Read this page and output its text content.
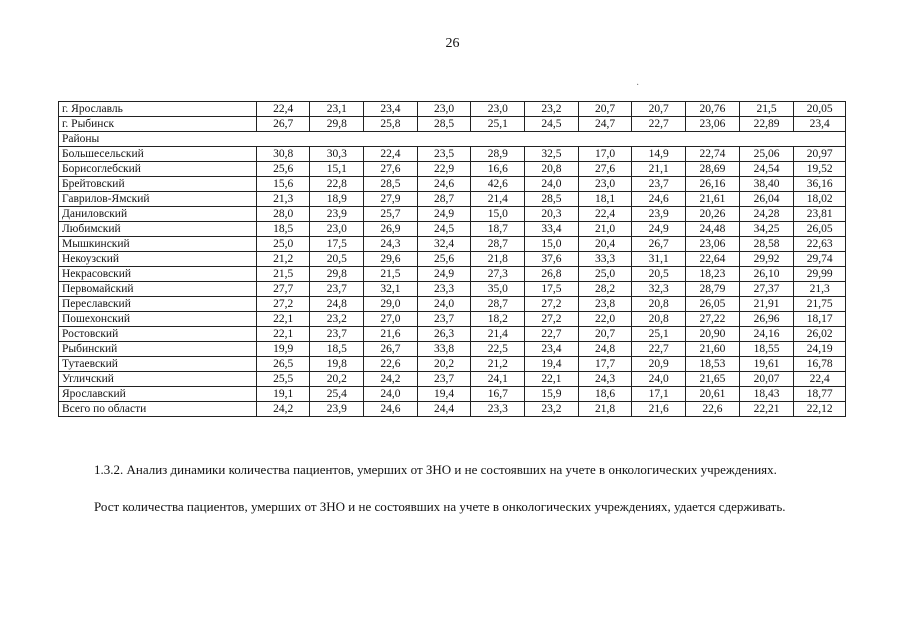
26
·
г. Ярославль	22,4	23,1	23,4	23,0	23,0	23,2	20,7	20,7	20,76	21,5	20,05
г. Рыбинск	26,7	29,8	25,8	28,5	25,1	24,5	24,7	22,7	23,06	22,89	23,4
Районы											
Большесельский	30,8	30,3	22,4	23,5	28,9	32,5	17,0	14,9	22,74	25,06	20,97
Борисоглебский	25,6	15,1	27,6	22,9	16,6	20,8	27,6	21,1	28,69	24,54	19,52
Брейтовский	15,6	22,8	28,5	24,6	42,6	24,0	23,0	23,7	26,16	38,40	36,16
Гаврилов-Ямский	21,3	18,9	27,9	28,7	21,4	28,5	18,1	24,6	21,61	26,04	18,02
Даниловский	28,0	23,9	25,7	24,9	15,0	20,3	22,4	23,9	20,26	24,28	23,81
Любимский	18,5	23,0	26,9	24,5	18,7	33,4	21,0	24,9	24,48	34,25	26,05
Мышкинский	25,0	17,5	24,3	32,4	28,7	15,0	20,4	26,7	23,06	28,58	22,63
Некоузский	21,2	20,5	29,6	25,6	21,8	37,6	33,3	31,1	22,64	29,92	29,74
Некрасовский	21,5	29,8	21,5	24,9	27,3	26,8	25,0	20,5	18,23	26,10	29,99
Первомайский	27,7	23,7	32,1	23,3	35,0	17,5	28,2	32,3	28,79	27,37	21,3
Переславский	27,2	24,8	29,0	24,0	28,7	27,2	23,8	20,8	26,05	21,91	21,75
Пошехонский	22,1	23,2	27,0	23,7	18,2	27,2	22,0	20,8	27,22	26,96	18,17
Ростовский	22,1	23,7	21,6	26,3	21,4	22,7	20,7	25,1	20,90	24,16	26,02
Рыбинский	19,9	18,5	26,7	33,8	22,5	23,4	24,8	22,7	21,60	18,55	24,19
Тутаевский	26,5	19,8	22,6	20,2	21,2	19,4	17,7	20,9	18,53	19,61	16,78
Угличский	25,5	20,2	24,2	23,7	24,1	22,1	24,3	24,0	21,65	20,07	22,4
Ярославский	19,1	25,4	24,0	19,4	16,7	15,9	18,6	17,1	20,61	18,43	18,77
Всего по области	24,2	23,9	24,6	24,4	23,3	23,2	21,8	21,6	22,6	22,21	22,12

1.3.2. Анализ динамики количества пациентов, умерших от ЗНО и не состоявших на учете в онкологических учреждениях.

Рост количества пациентов, умерших от ЗНО и не состоявших на учете в онкологических учреждениях, удается сдерживать.
